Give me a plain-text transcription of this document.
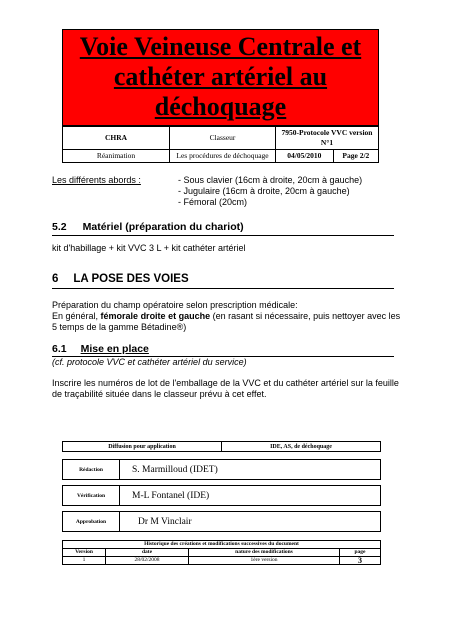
Voie Veineuse Centrale et
cathéter artériel au
déchoquage
CHRA	Classeur	7950-Protocole VVC version N°1	
Réanimation	Les procédures de déchoquage	04/05/2010	Page 2/2
Les différents abords :	- Sous clavier (16cm à droite, 20cm à gauche)
- Jugulaire (16cm à droite, 20cm à gauche)
- Fémoral (20cm)
5.2 Matériel (préparation du chariot)
kit d'habillage + kit VVC 3 L + kit cathéter artériel
6 LA POSE DES VOIES
Préparation du champ opératoire selon prescription médicale:
En général, fémorale droite et gauche (en rasant si nécessaire, puis nettoyer avec les
5 temps de la gamme Bétadine®)
6.1 Mise en place
(cf. protocole VVC et cathéter artériel du service)
Inscrire les numéros de lot de l'emballage de la VVC et du cathéter artériel sur la feuille
de traçabilité située dans le classeur prévu à cet effet.
Diffusion pour application	IDE, AS, de déchoquage
Rédaction	S. Marmilloud (IDET)
Vérification	M-L Fontanel (IDE)
Approbation	Dr M Vinclair
Historique des créations et modifications successives du document			
Version	date	nature des modifications	page
1	28/02/2008	1ère version	3
